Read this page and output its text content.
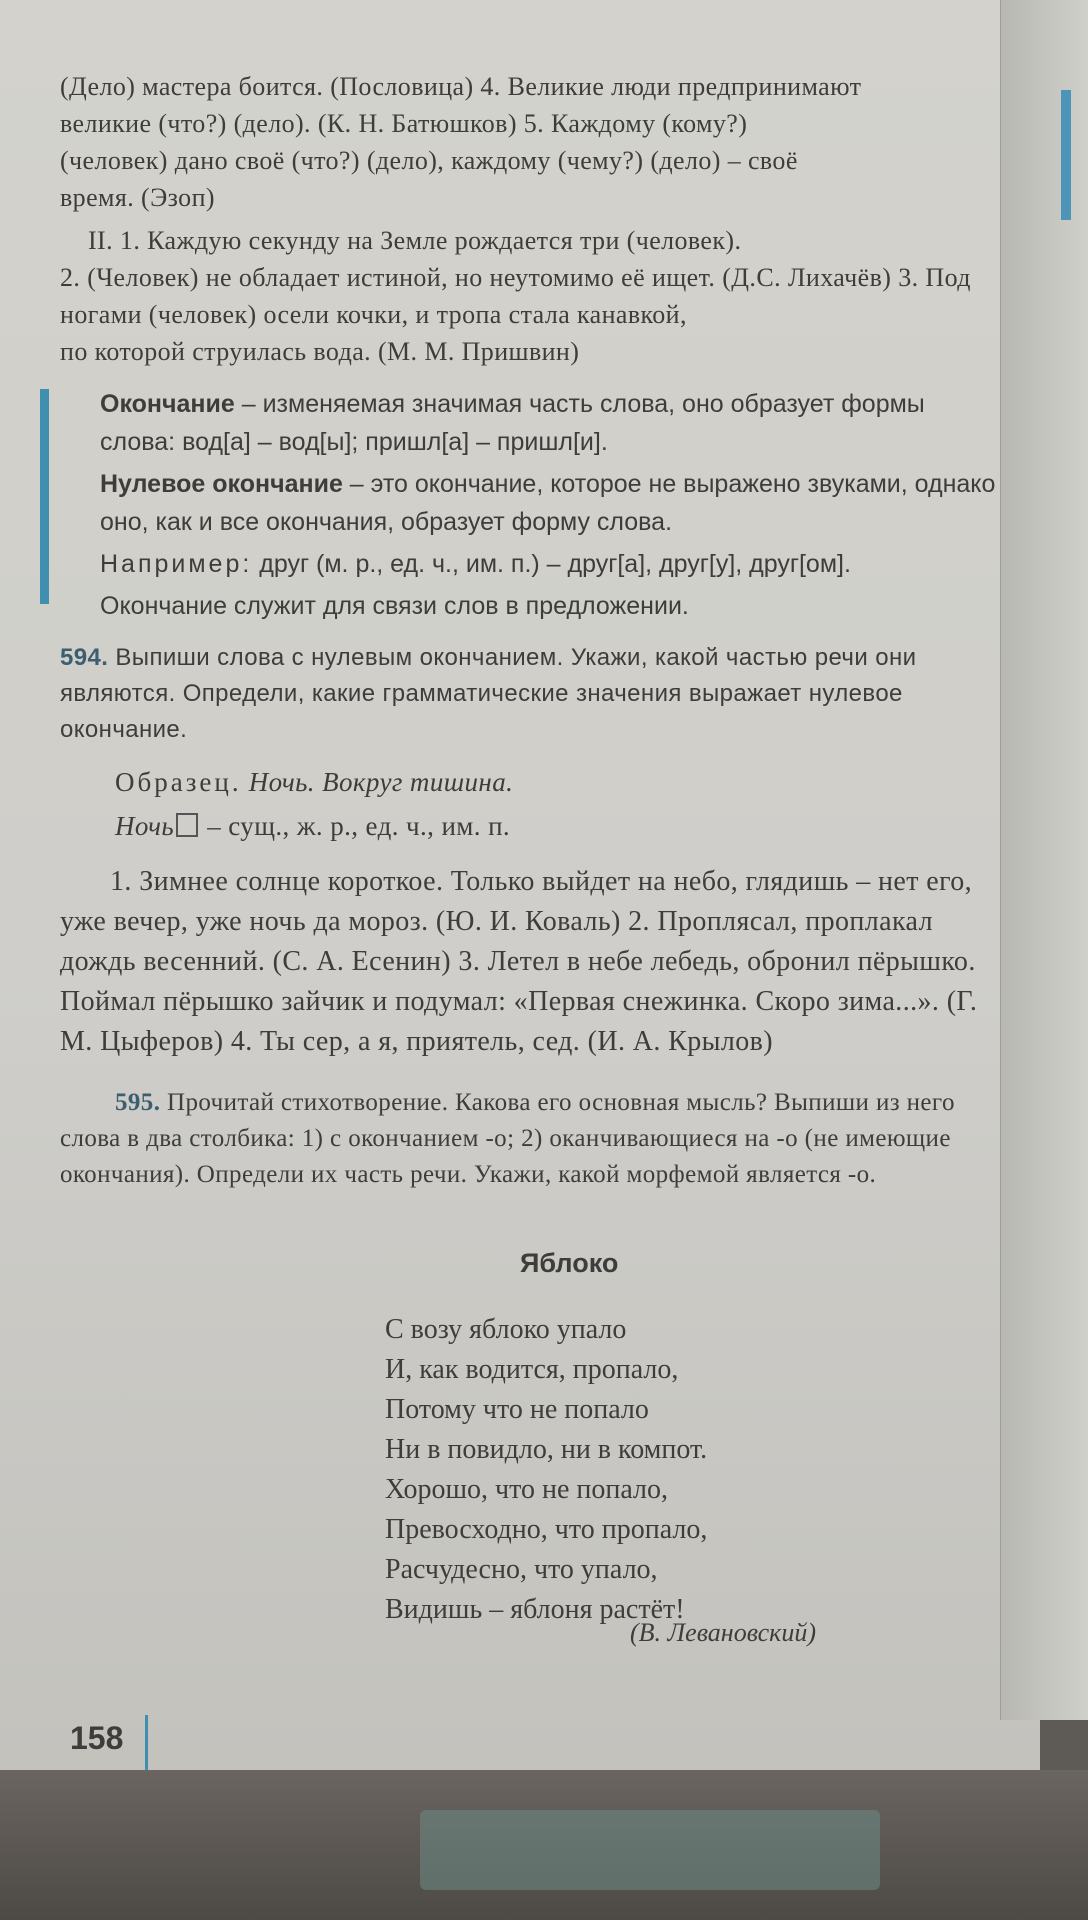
(Дело) мастера боится. (Пословица) 4. Великие люди предпринимают

великие (что?) (дело). (К. Н. Батюшков) 5. Каждому (кому?)

(человек) дано своё (что?) (дело), каждому (чему?) (дело) – своё

время. (Эзоп)

II. 1. Каждую секунду на Земле рождается три (человек).

2. (Человек) не обладает истиной, но неутомимо её ищет. (Д.С. Лихачёв) 3. Под ногами (человек) осели кочки, и тропа стала канавкой,

по которой струилась вода. (М. М. Пришвин)

Окончание – изменяемая значимая часть слова, оно образует формы слова: вод[а] – вод[ы]; пришл[а] – пришл[и].

Нулевое окончание – это окончание, которое не выражено звуками, однако оно, как и все окончания, образует форму слова.

Например: друг (м. р., ед. ч., им. п.) – друг[а], друг[у], друг[ом].

Окончание служит для связи слов в предложении.

594. Выпиши слова с нулевым окончанием. Укажи, какой частью речи они являются. Определи, какие грамматические значения выражает нулевое окончание.

Образец. Ночь. Вокруг тишина.

Ночь – сущ., ж. р., ед. ч., им. п.

1. Зимнее солнце короткое. Только выйдет на небо, глядишь – нет его, уже вечер, уже ночь да мороз. (Ю. И. Коваль) 2. Проплясал, проплакал дождь весенний. (С. А. Есенин) 3. Летел в небе лебедь, обронил пёрышко. Поймал пёрышко зайчик и подумал: «Первая снежинка. Скоро зима...». (Г. М. Цыферов) 4. Ты сер, а я, приятель, сед. (И. А. Крылов)

595. Прочитай стихотворение. Какова его основная мысль? Выпиши из него слова в два столбика: 1) с окончанием -о; 2) оканчивающиеся на -о (не имеющие окончания). Определи их часть речи. Укажи, какой морфемой является -о.

Яблоко
С возу яблоко упало
И, как водится, пропало,
Потому что не попало
Ни в повидло, ни в компот.
Хорошо, что не попало,
Превосходно, что пропало,
Расчудесно, что упало,
Видишь – яблоня растёт!
(В. Левановский)
158
